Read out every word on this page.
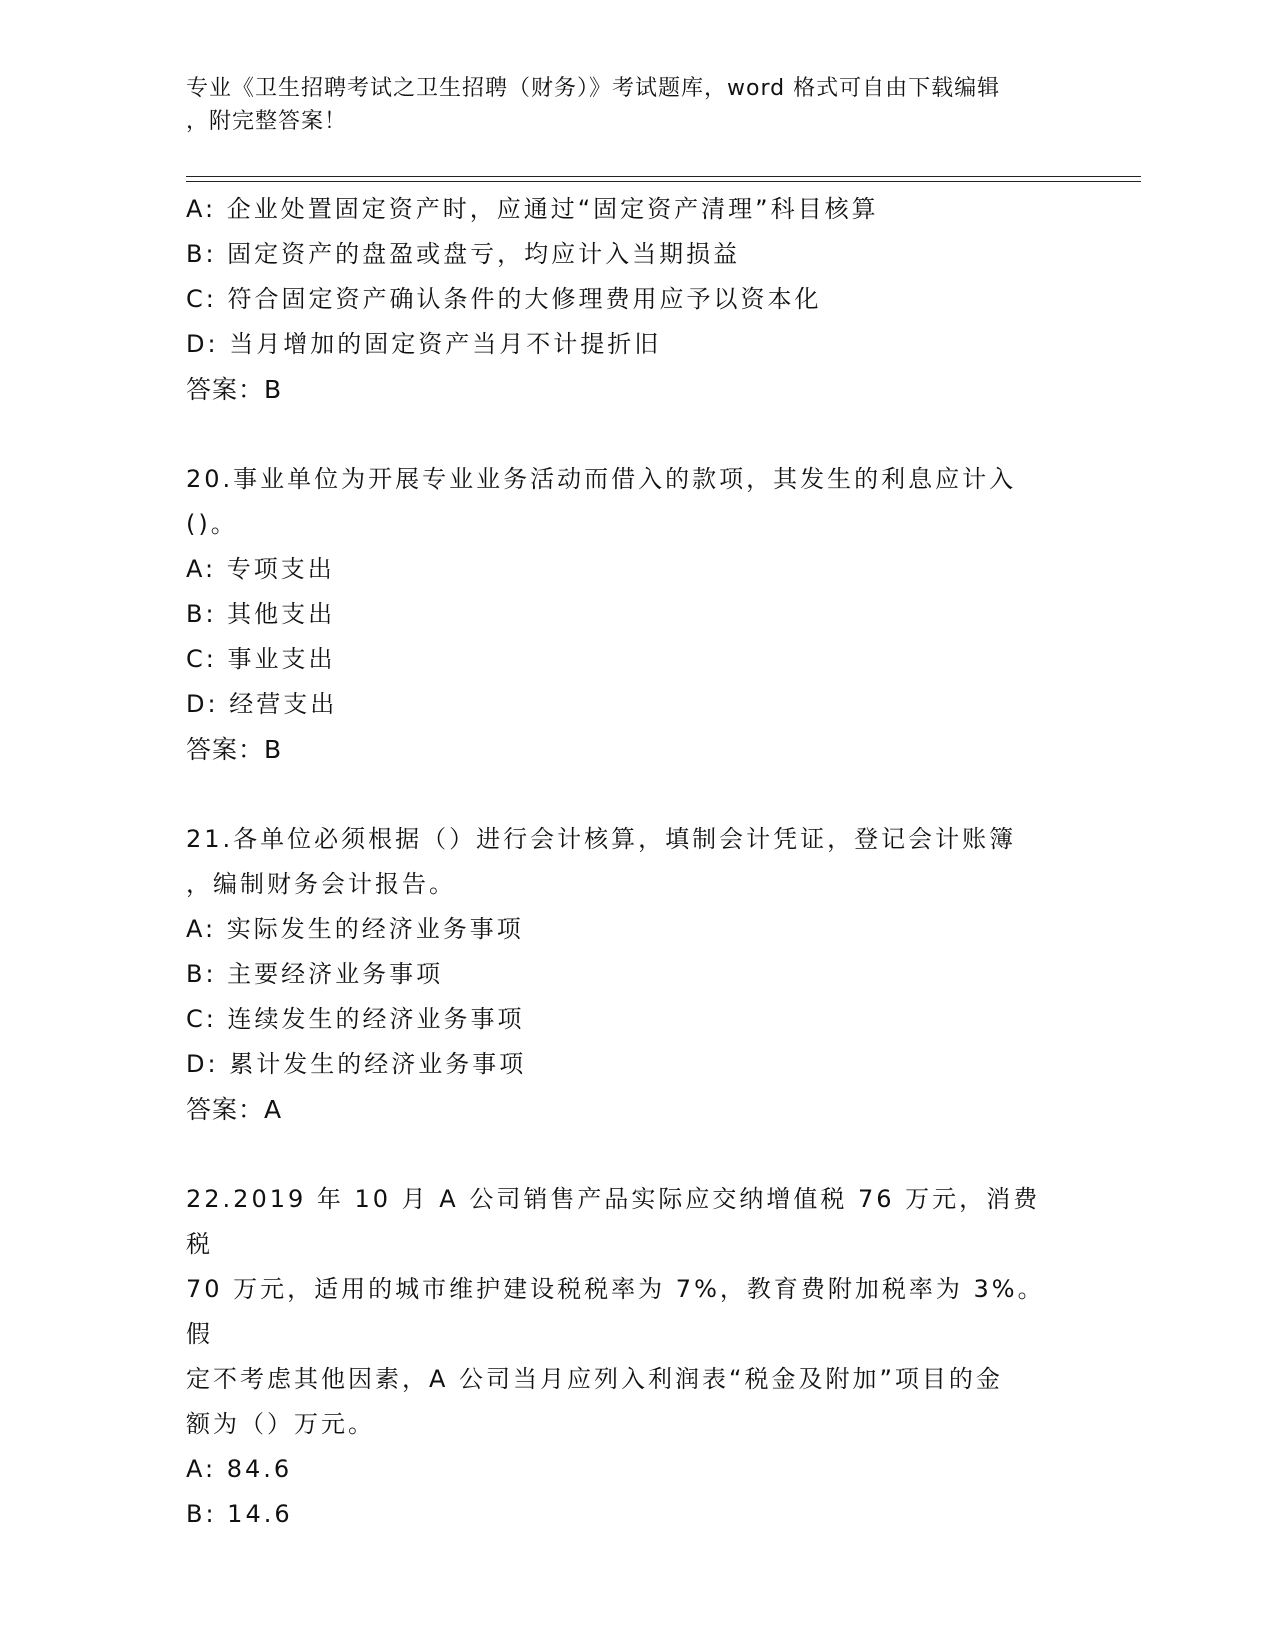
专业《卫生招聘考试之卫生招聘（财务）》考试题库，word 格式可自由下载编辑
，附完整答案！
A: 企业处置固定资产时，应通过“固定资产清理”科目核算
B: 固定资产的盘盈或盘亏，均应计入当期损益
C: 符合固定资产确认条件的大修理费用应予以资本化
D: 当月增加的固定资产当月不计提折旧
答案：B
20.事业单位为开展专业业务活动而借入的款项，其发生的利息应计入
()。
A: 专项支出
B: 其他支出
C: 事业支出
D: 经营支出
答案：B
21.各单位必须根据（）进行会计核算，填制会计凭证，登记会计账簿
，编制财务会计报告。
A: 实际发生的经济业务事项
B: 主要经济业务事项
C: 连续发生的经济业务事项
D: 累计发生的经济业务事项
答案：A
22.2019 年 10 月 A 公司销售产品实际应交纳增值税 76 万元，消费税
70 万元，适用的城市维护建设税税率为 7%，教育费附加税率为 3%。假
定不考虑其他因素，A 公司当月应列入利润表“税金及附加”项目的金
额为（）万元。
A: 84.6
B: 14.6
